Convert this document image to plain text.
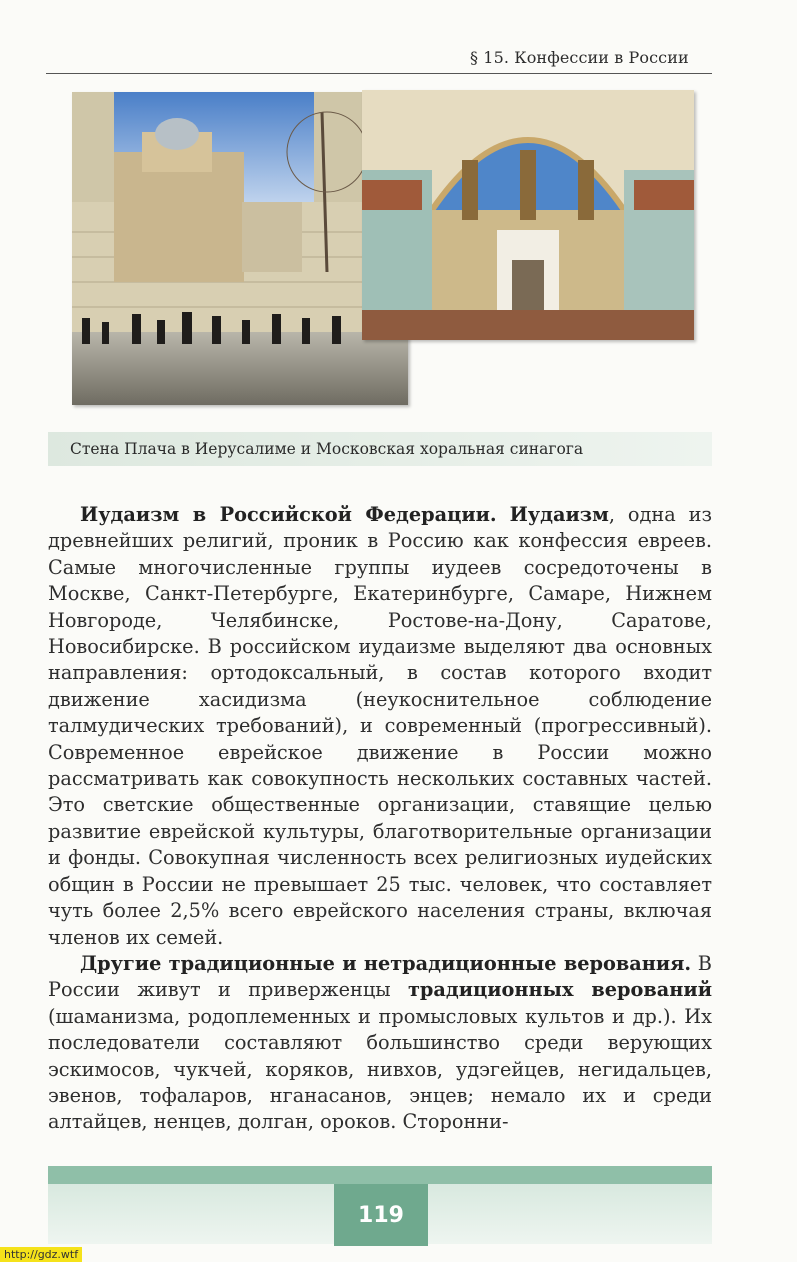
§ 15. Конфессии в России
Стена Плача в Иерусалиме и Московская хоральная синагога

Иудаизм в Российской Федерации. Иудаизм, одна из древнейших религий, проник в Россию как конфессия евреев. Самые многочисленные группы иудеев сосредоточены в Москве, Санкт-Петербурге, Екатеринбурге, Самаре, Нижнем Новгороде, Челябинске, Ростове-на-Дону, Саратове, Новосибирске. В российском иудаизме выделяют два основных направления: ортодоксальный, в состав которого входит движение хасидизма (неукоснительное соблюдение талмудических требований), и современный (прогрессивный). Современное еврейское движение в России можно рассматривать как совокупность нескольких составных частей. Это светские общественные организации, ставящие целью развитие еврейской культуры, благотворительные организации и фонды. Совокупная численность всех религиозных иудейских общин в России не превышает 25 тыс. человек, что составляет чуть более 2,5% всего еврейского населения страны, включая членов их семей.

Другие традиционные и нетрадиционные верования. В России живут и приверженцы традиционных верований (шаманизма, родоплеменных и промысловых культов и др.). Их последователи составляют большинство среди верующих эскимосов, чукчей, коряков, нивхов, удэгейцев, негидальцев, эвенов, тофаларов, нганасанов, энцев; немало их и среди алтайцев, ненцев, долган, ороков. Сторонни-

119
http://gdz.wtf
